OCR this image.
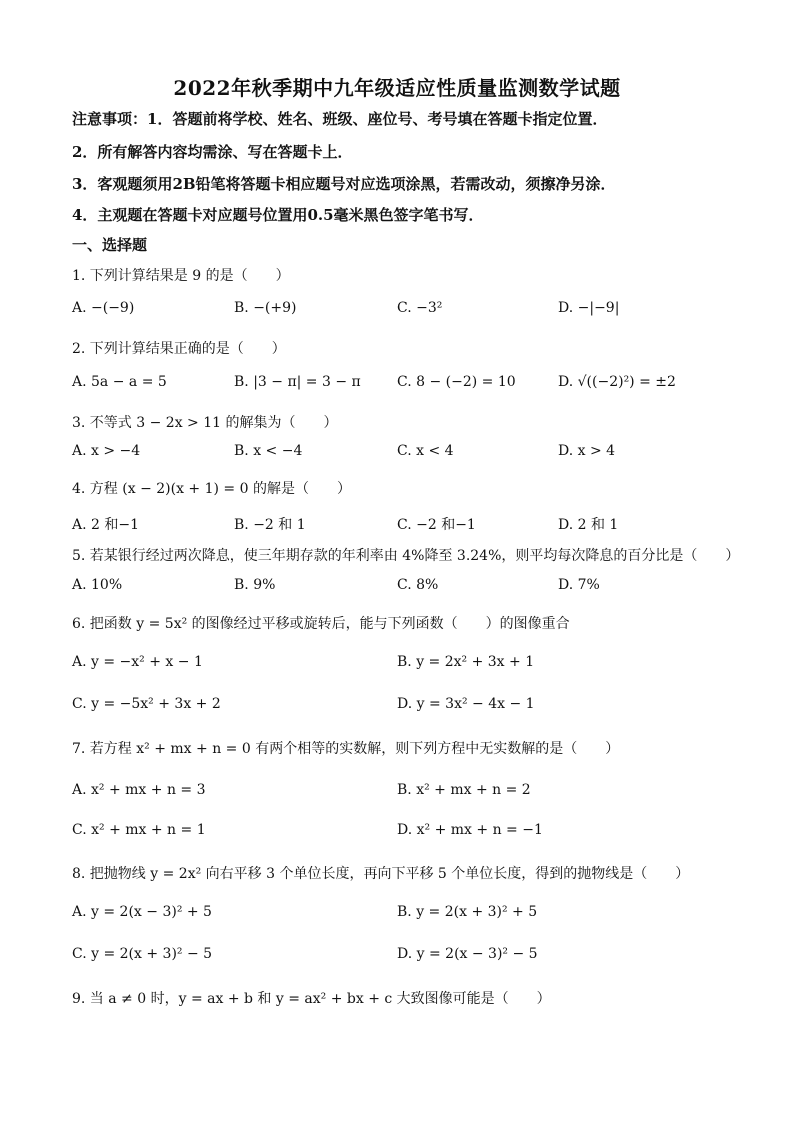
2022年秋季期中九年级适应性质量监测数学试题
注意事项：1．答题前将学校、姓名、班级、座位号、考号填在答题卡指定位置．
2．所有解答内容均需涂、写在答题卡上．
3．客观题须用2B铅笔将答题卡相应题号对应选项涂黑，若需改动，须擦净另涂．
4．主观题在答题卡对应题号位置用0.5毫米黑色签字笔书写．
一、选择题
1. 下列计算结果是 9 的是（　　）
A. −(−9)	B. −(+9)	C. −3²	D. −|−9|
2. 下列计算结果正确的是（　　）
A. 5a − a = 5	B. |3 − π| = 3 − π	C. 8 − (−2) = 10	D. √((−2)²) = ±2
3. 不等式 3 − 2x > 11 的解集为（　　）
A. x > −4	B. x < −4	C. x < 4	D. x > 4
4. 方程 (x − 2)(x + 1) = 0 的解是（　　）
A. 2 和−1	B. −2 和 1	C. −2 和−1	D. 2 和 1
5. 若某银行经过两次降息，使三年期存款的年利率由 4%降至 3.24%，则平均每次降息的百分比是（　　）
A. 10%	B. 9%	C. 8%	D. 7%
6. 把函数 y = 5x² 的图像经过平移或旋转后，能与下列函数（　　）的图像重合
A. y = −x² + x − 1	B. y = 2x² + 3x + 1
C. y = −5x² + 3x + 2	D. y = 3x² − 4x − 1
7. 若方程 x² + mx + n = 0 有两个相等的实数解，则下列方程中无实数解的是（　　）
A. x² + mx + n = 3	B. x² + mx + n = 2
C. x² + mx + n = 1	D. x² + mx + n = −1
8. 把抛物线 y = 2x² 向右平移 3 个单位长度，再向下平移 5 个单位长度，得到的抛物线是（　　）
A. y = 2(x − 3)² + 5	B. y = 2(x + 3)² + 5
C. y = 2(x + 3)² − 5	D. y = 2(x − 3)² − 5
9. 当 a ≠ 0 时，y = ax + b 和 y = ax² + bx + c 大致图像可能是（　　）
